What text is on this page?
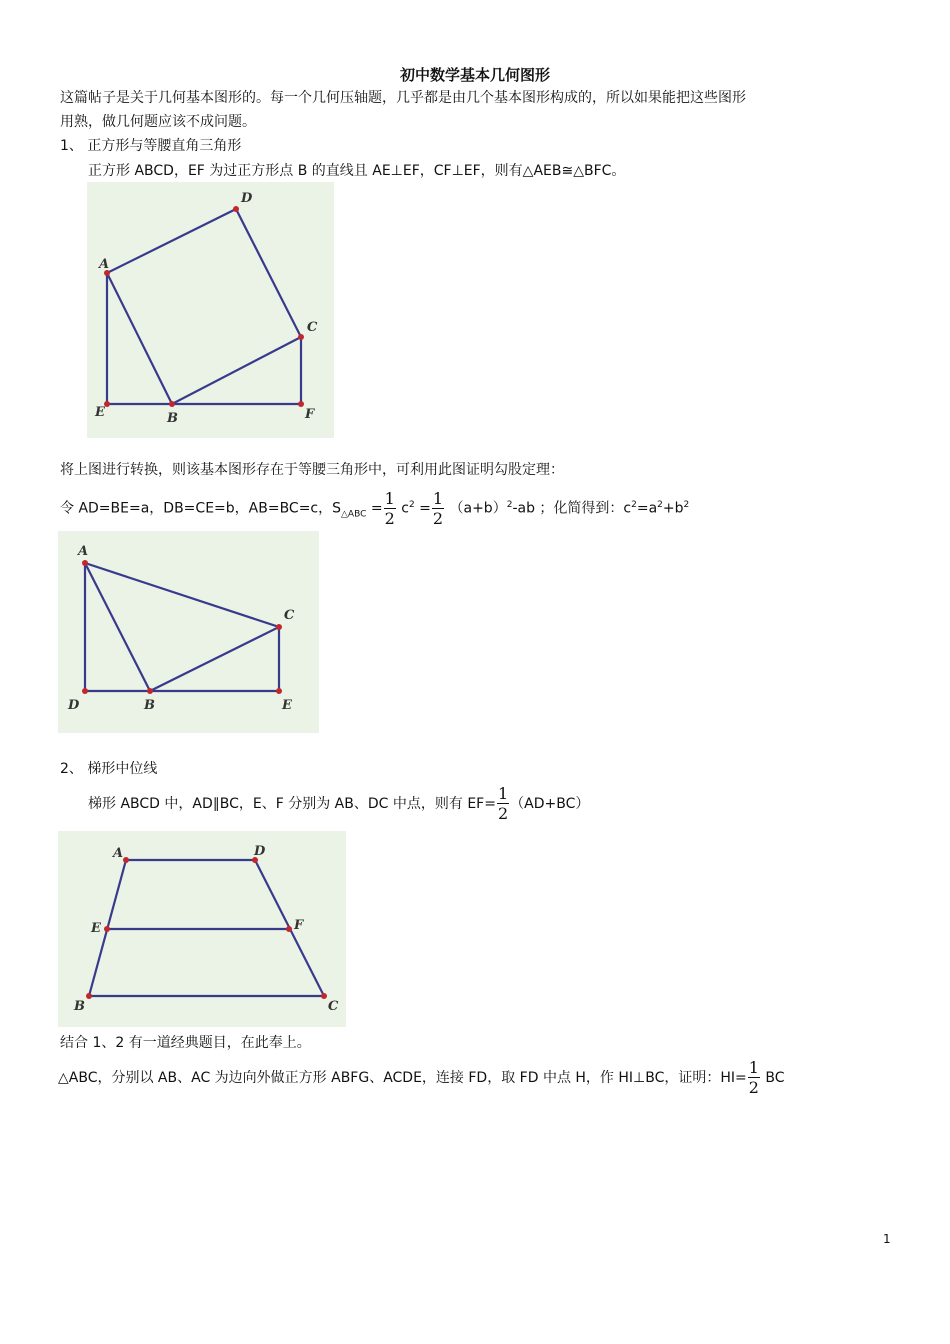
初中数学基本几何图形
这篇帖子是关于几何基本图形的。每一个几何压轴题，几乎都是由几个基本图形构成的，所以如果能把这些图形
用熟，做几何题应该不成问题。
1、 正方形与等腰直角三角形
正方形 ABCD，EF 为过正方形点 B 的直线且 AE⊥EF，CF⊥EF，则有△AEB≅△BFC。
A
D
C
E	B	F
将上图进行转换，则该基本图形存在于等腰三角形中，可利用此图证明勾股定理：
令 AD=BE=a，DB=CE=b，AB=BC=c，$S_{\triangle ABC} = \frac{1}{2} c^2 = \frac{1}{2} (a+b)^2-ab$ ；化简得到：$c^2=a^2+b^2$
A
C
D	B	E
2、 梯形中位线
梯形 ABCD 中，AD∥BC，E、F 分别为 AB、DC 中点，则有 $EF= \frac{1}{2} (AD+BC)$
A	D
E	F
B	C
结合 1、2 有一道经典题目，在此奉上。
△ABC，分别以 AB、AC 为边向外做正方形 ABFG、ACDE，连接 FD，取 FD 中点 H，作 HI⊥BC，证明：$HI= \frac{1}{2}$ BC
1
